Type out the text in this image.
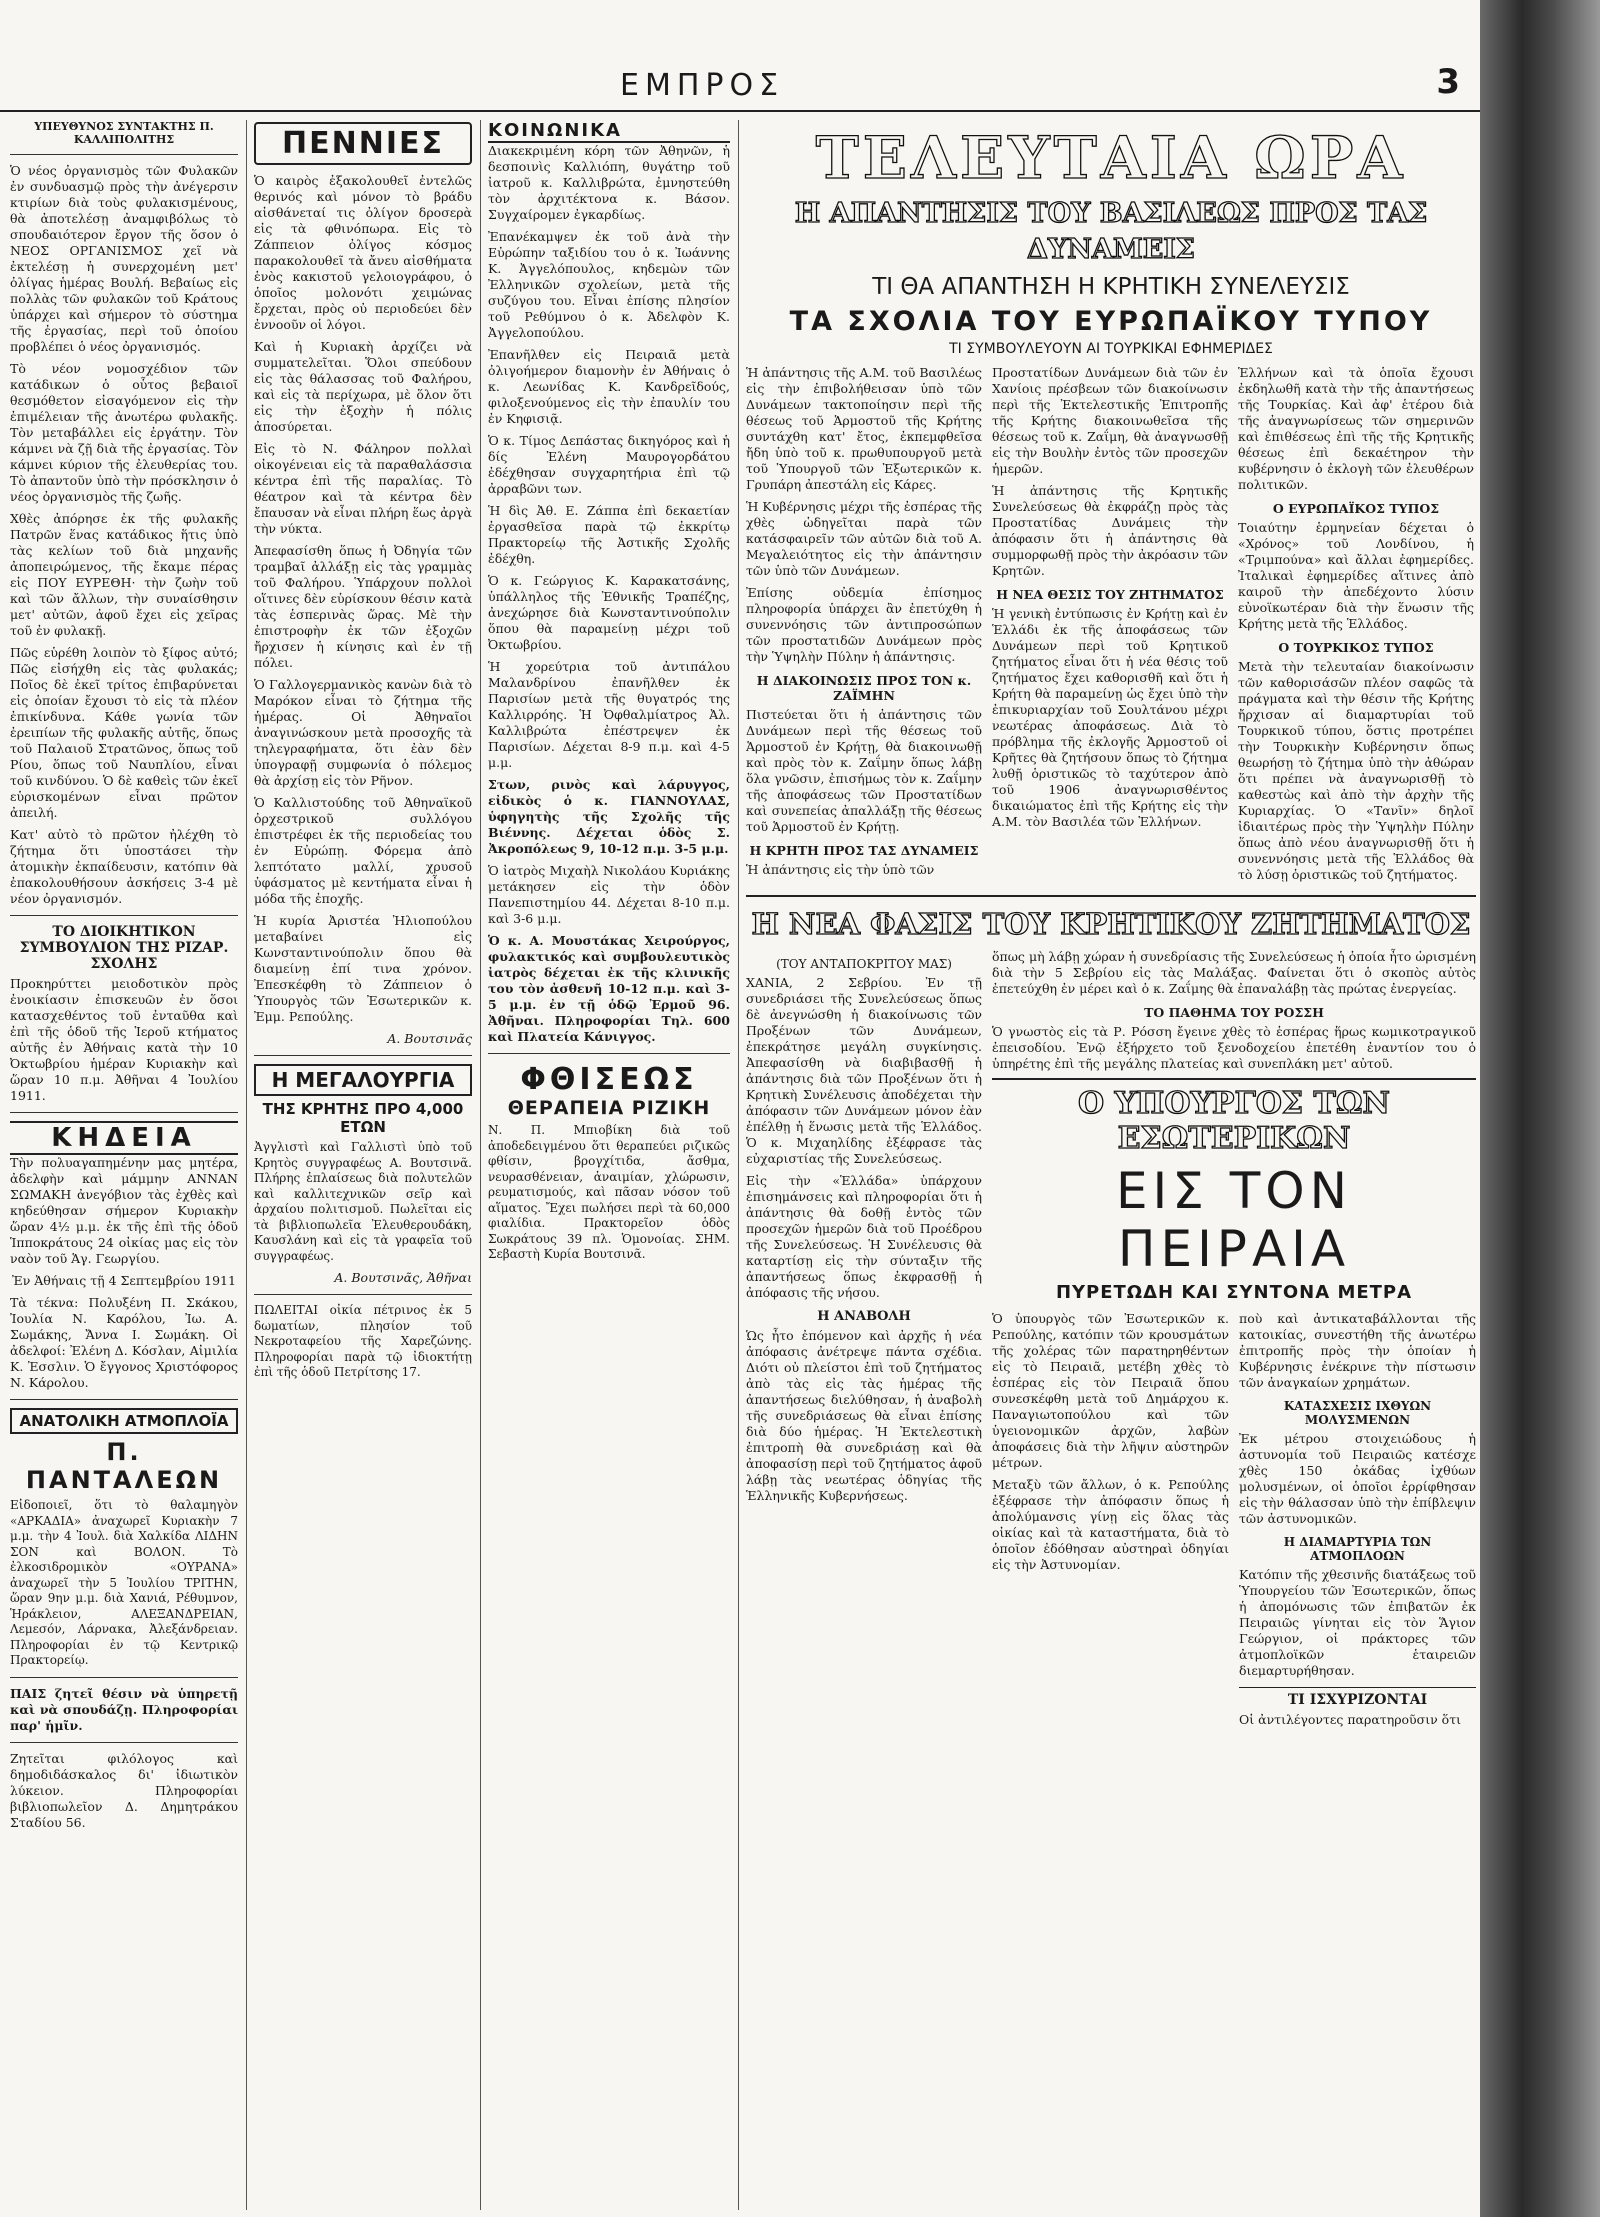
ΕΜΠΡΟΣ	3
ΥΠΕΥΘΥΝΟΣ ΣΥΝΤΑΚΤΗΣ Π. ΚΑΛΛΙΠΟΛΙΤΗΣ

Ὁ νέος ὀργανισμὸς τῶν Φυλακῶν ἐν συνδυασμῷ πρὸς τὴν ἀνέγερσιν κτιρίων διὰ τοὺς φυλακισμένους, θὰ ἀποτελέσῃ ἀναμφιβόλως τὸ σπουδαιότερον ἔργον τῆς ὅσον ὁ ΝΕΟΣ ΟΡΓΑΝΙΣΜΟΣ χεῖ νὰ ἐκτελέσῃ ἡ συνερχομένη μετ' ὀλίγας ἡμέρας Βουλή. Βεβαίως εἰς πολλὰς τῶν φυλακῶν τοῦ Κράτους ὑπάρχει καὶ σήμερον τὸ σύστημα τῆς ἐργασίας, περὶ τοῦ ὁποίου προβλέπει ὁ νέος ὀργανισμός.

Τὸ νέον νομοσχέδιον τῶν κατάδικων ὁ οὗτος βεβαιοῖ θεσμόθετον εἰσαγόμενον εἰς τὴν ἐπιμέλειαν τῆς ἀνωτέρω φυλακῆς. Τὸν μεταβάλλει εἰς ἐργάτην. Τὸν κάμνει νὰ ζῇ διὰ τῆς ἐργασίας. Τὸν κάμνει κύριον τῆς ἐλευθερίας του. Τὸ ἀπαντοῦν ὑπὸ τὴν πρόσκλησιν ὁ νέος ὀργανισμὸς τῆς ζωῆς.

Χθὲς ἀπόρησε ἐκ τῆς φυλακῆς Πατρῶν ἕνας κατάδικος ἥτις ὑπὸ τὰς κελίων τοῦ διὰ μηχανῆς ἀποπειρώμενος, τῆς ἔκαμε πέρας εἰς ΠΟΥ ΕΥΡΕΘΗ· τὴν ζωὴν τοῦ καὶ τῶν ἄλλων, τὴν συναίσθησιν μετ' αὐτῶν, ἀφοῦ ἔχει εἰς χεῖρας τοῦ ἐν φυλακῇ.

Πῶς εὑρέθη λοιπὸν τὸ ξίφος αὐτό; Πῶς εἰσήχθη εἰς τὰς φυλακάς; Ποῖος δὲ ἐκεῖ τρίτος ἐπιβαρύνεται εἰς ὁποίαν ἔχουσι τὸ εἰς τὰ πλέον ἐπικίνδυνα. Κάθε γωνία τῶν ἐρειπίων τῆς φυλακῆς αὐτῆς, ὅπως τοῦ Παλαιοῦ Στρατῶνος, ὅπως τοῦ Ρίου, ὅπως τοῦ Ναυπλίου, εἶναι τοῦ κινδύνου. Ὁ δὲ καθεὶς τῶν ἐκεῖ εὑρισκομένων εἶναι πρῶτον ἀπειλή.

Κατ' αὐτὸ τὸ πρῶτον ἠλέχθη τὸ ζήτημα ὅτι ὑποστάσει τὴν ἀτομικὴν ἐκπαίδευσιν, κατόπιν θὰ ἐπακολουθήσουν ἀσκήσεις 3-4 μὲ νέον ὀργανισμόν.

ΤΟ ΔΙΟΙΚΗΤΙΚΟΝ ΣΥΜΒΟΥΛΙΟΝ ΤΗΣ ΡΙΖΑΡ. ΣΧΟΛΗΣ

Προκηρύττει μειοδοτικὸν πρὸς ἐνοικίασιν ἐπισκευῶν ἐν ὅσοι κατασχεθέντος τοῦ ἐνταῦθα καὶ ἐπὶ τῆς ὁδοῦ τῆς Ἱεροῦ κτήματος αὐτῆς ἐν Ἀθήναις κατὰ τὴν 10 Ὀκτωβρίου ἡμέραν Κυριακὴν καὶ ὥραν 10 π.μ. Ἀθῆναι 4 Ἰουλίου 1911.

ΚΗΔΕΙΑ

Τὴν πολυαγαπημένην μας μητέρα, ἀδελφὴν καὶ μάμμην ΑΝΝΑΝ ΣΩΜΑΚΗ ἀνεγόβιον τὰς ἐχθὲς καὶ κηδεύθησαν σήμερον Κυριακὴν ὥραν 4½ μ.μ. ἐκ τῆς ἐπὶ τῆς ὁδοῦ Ἱπποκράτους 24 οἰκίας μας εἰς τὸν ναὸν τοῦ Ἁγ. Γεωργίου.

Ἐν Ἀθήναις τῇ 4 Σεπτεμβρίου 1911

Τὰ τέκνα: Πολυξένη Π. Σκάκου, Ἰουλία Ν. Καρόλου, Ἰω. Α. Σωμάκης, Ἄννα Ι. Σωμάκη. Οἱ ἀδελφοί: Ἐλένη Δ. Κόσλαν, Αἰμιλία Κ. Ἐσσλιν. Ὁ ἔγγονος Χριστόφορος Ν. Κάρολου.

ΑΝΑΤΟΛΙΚΗ ΑΤΜΟΠΛΟΪΑ
Π. ΠΑΝΤΑΛΕΩΝ

Εἰδοποιεῖ, ὅτι τὸ θαλαμηγὸν «ΑΡΚΑΔΙΑ» ἀναχωρεῖ Κυριακὴν 7 μ.μ. τὴν 4 Ἰουλ. διὰ Χαλκίδα ΛΙΔΗΝ ΣΟΝ καὶ ΒΟΛΟΝ. Τὸ ἐλκοσιδρομικὸν «ΟΥΡΑΝΑ» ἀναχωρεῖ τὴν 5 Ἰουλίου ΤΡΙΤΗΝ, ὥραν 9ην μ.μ. διὰ Χανιά, Ρέθυμνον, Ἡράκλειον, ΑΛΕΞΑΝΔΡΕΙΑΝ, Λεμεσόν, Λάρνακα, Ἀλεξάνδρειαν. Πληροφορίαι ἐν τῷ Κεντρικῷ Πρακτορείῳ.

ΠΑΙΣ ζητεῖ θέσιν νὰ ὑπηρετῇ καὶ νὰ σπουδάζῃ. Πληροφορίαι παρ' ἡμῖν.

Ζητεῖται φιλόλογος καὶ δημοδιδάσκαλος δι' ἰδιωτικὸν λύκειον. Πληροφορίαι βιβλιοπωλεῖον Δ. Δημητράκου Σταδίου 56.

ΠΕΝΝΙΕΣ

Ὁ καιρὸς ἐξακολουθεῖ ἐντελῶς θερινός καὶ μόνον τὸ βράδυ αἰσθάνεταί τις ὀλίγον δροσερὰ εἰς τὰ φθινόπωρα. Εἰς τὸ Ζάππειον ὀλίγος κόσμος παρακολουθεῖ τὰ ἄνευ αἰσθήματα ἑνὸς κακιστοῦ γελοιογράφου, ὁ ὁποῖος μολονότι χειμώνας ἔρχεται, πρὸς οὐ περιοδεύει δὲν ἐννοοῦν οἱ λόγοι.

Καὶ ἡ Κυριακὴ ἀρχίζει νὰ συμματελεῖται. Ὅλοι σπεύδουν εἰς τὰς θάλασσας τοῦ Φαλήρου, καὶ εἰς τὰ περίχωρα, μὲ ὅλον ὅτι εἰς τὴν ἐξοχὴν ἡ πόλις ἀποσύρεται.

Εἰς τὸ Ν. Φάληρον πολλαὶ οἰκογένειαι εἰς τὰ παραθαλάσσια κέντρα ἐπὶ τῆς παραλίας. Τὸ θέατρον καὶ τὰ κέντρα δὲν ἔπαυσαν νὰ εἶναι πλήρη ἕως ἀργὰ τὴν νύκτα.

Ἀπεφασίσθη ὅπως ἡ Ὀδηγία τῶν τραμβαῖ ἀλλάξῃ εἰς τὰς γραμμὰς τοῦ Φαλήρου. Ὑπάρχουν πολλοὶ οἵτινες δὲν εὑρίσκουν θέσιν κατὰ τὰς ἑσπερινὰς ὥρας. Μὲ τὴν ἐπιστροφὴν ἐκ τῶν ἐξοχῶν ἤρχισεν ἡ κίνησις καὶ ἐν τῇ πόλει.

Ὁ Γαλλογερμανικὸς κανὼν διὰ τὸ Μαρόκον εἶναι τὸ ζήτημα τῆς ἡμέρας. Οἱ Ἀθηναῖοι ἀναγινώσκουν μετὰ προσοχῆς τὰ τηλεγραφήματα, ὅτι ἐὰν δὲν ὑπογραφῇ συμφωνία ὁ πόλεμος θὰ ἀρχίσῃ εἰς τὸν Ρῆνον.

Ὁ Καλλιστούδης τοῦ Ἀθηναϊκοῦ ὀρχεστρικοῦ συλλόγου ἐπιστρέφει ἐκ τῆς περιοδείας του ἐν Εὐρώπῃ. Φόρεμα ἀπὸ λεπτότατο μαλλί, χρυσοῦ ὑφάσματος μὲ κεντήματα εἶναι ἡ μόδα τῆς ἐποχῆς.

Ἡ κυρία Ἀριστέα Ἠλιοπούλου μεταβαίνει εἰς Κωνσταντινούπολιν ὅπου θὰ διαμείνῃ ἐπί τινα χρόνον. Ἐπεσκέφθη τὸ Ζάππειον ὁ Ὑπουργὸς τῶν Ἐσωτερικῶν κ. Ἐμμ. Ρεπούλης.

Α. Βουτσινᾶς

Η ΜΕΓΑΛΟΥΡΓΙΑ
ΤΗΣ ΚΡΗΤΗΣ ΠΡΟ 4,000 ΕΤΩΝ

Ἀγγλιστὶ καὶ Γαλλιστὶ ὑπὸ τοῦ Κρητὸς συγγραφέως Α. Βουτσινᾶ. Πλήρης ἐπλαίσεως διὰ πολυτελῶν καὶ καλλιτεχνικῶν σεῖρ καὶ ἀρχαίου πολιτισμοῦ. Πωλεῖται εἰς τὰ βιβλιοπωλεῖα Ἐλευθερουδάκη, Καυσλάνη καὶ εἰς τὰ γραφεῖα τοῦ συγγραφέως.

Α. Βουτσινᾶς, Ἀθῆναι

ΠΩΛΕΙΤΑΙ οἰκία πέτρινος ἐκ 5 δωματίων, πλησίον τοῦ Νεκροταφείου τῆς Χαρεζώνης. Πληροφορίαι παρὰ τῷ ἰδιοκτήτῃ ἐπὶ τῆς ὁδοῦ Πετρίτσης 17.

ΚΟΙΝΩΝΙΚΑ

Διακεκριμένη κόρη τῶν Ἀθηνῶν, ἡ δεσποινὶς Καλλιόπη, θυγάτηρ τοῦ ἰατροῦ κ. Καλλιβρώτα, ἐμνηστεύθη τὸν ἀρχιτέκτονα κ. Βάσον. Συγχαίρομεν ἐγκαρδίως.

Ἐπανέκαμψεν ἐκ τοῦ ἀνὰ τὴν Εὐρώπην ταξιδίου του ὁ κ. Ἰωάννης Κ. Ἀγγελόπουλος, κηδεμὼν τῶν Ἐλληνικῶν σχολείων, μετὰ τῆς συζύγου του. Εἶναι ἐπίσης πλησίον τοῦ Ρεθύμνου ὁ κ. Ἀδελφὸν Κ. Ἀγγελοπούλου.

Ἐπανῆλθεν εἰς Πειραιᾶ μετὰ ὀλιγοήμερον διαμονὴν ἐν Ἀθήναις ὁ κ. Λεωνίδας Κ. Κανδρεῖδούς, φιλοξενούμενος εἰς τὴν ἐπαυλίν του ἐν Κηφισιᾷ.

Ὁ κ. Τίμος Δεπάστας δικηγόρος καὶ ἡ δίς Ἑλένη Μαυρογορδάτου ἐδέχθησαν συγχαρητήρια ἐπὶ τῷ ἀρραβῶνι των.

Ἡ δὶς Ἀθ. Ε. Ζάππα ἐπὶ δεκαετίαν ἐργασθεῖσα παρὰ τῷ ἐκκρίτῳ Πρακτορείῳ τῆς Ἀστικῆς Σχολῆς ἐδέχθη.

Ὁ κ. Γεώργιος Κ. Καρακατσάνης, ὑπάλληλος τῆς Ἐθνικῆς Τραπέζης, ἀνεχώρησε διὰ Κωνσταντινούπολιν ὅπου θὰ παραμείνῃ μέχρι τοῦ Ὀκτωβρίου.

Ἡ χορεύτρια τοῦ ἀντιπάλου Μαλανδρίνου ἐπανῆλθεν ἐκ Παρισίων μετὰ τῆς θυγατρός της Καλλιρρόης. Ἡ Ὀφθαλμίατρος Ἀλ. Καλλιβρώτα ἐπέστρεψεν ἐκ Παρισίων. Δέχεται 8-9 π.μ. καὶ 4-5 μ.μ.

Στων, ρινὸς καὶ λάρυγγος, εἰδικὸς ὁ κ. ΓΙΑΝΝΟΥΛΑΣ, ὑφηγητὴς τῆς Σχολῆς τῆς Βιέννης. Δέχεται ὁδὸς Σ. Ἀκροπόλεως 9, 10-12 π.μ. 3-5 μ.μ.

Ὁ ἰατρὸς Μιχαὴλ Νικολάου Κυριάκης μετάκησεν εἰς τὴν ὁδὸν Πανεπιστημίου 44. Δέχεται 8-10 π.μ. καὶ 3-6 μ.μ.

Ὁ κ. Α. Μουστάκας Χειρούργος, φυλακτικός καὶ συμβουλευτικὸς ἰατρὸς δέχεται ἐκ τῆς κλινικῆς του τὸν ἀσθενῆ 10-12 π.μ. καὶ 3-5 μ.μ. ἐν τῇ ὁδῷ Ἐρμοῦ 96. Ἀθῆναι. Πληροφορίαι Τηλ. 600 καὶ Πλατεία Κάνιγγος.

ΦΘΙΣΕΩΣ
ΘΕΡΑΠΕΙΑ ΡΙΖΙΚΗ

Ν. Π. Μπιοβίκη διὰ τοῦ ἀποδεδειγμένου ὅτι θεραπεύει ριζικῶς φθίσιν, βρογχίτιδα, ἄσθμα, νευρασθένειαν, ἀναιμίαν, χλώρωσιν, ρευματισμούς, καὶ πᾶσαν νόσον τοῦ αἵματος. Ἔχει πωλήσει περὶ τὰ 60,000 φιαλίδια. Πρακτορεῖον ὁδὸς Σωκράτους 39 πλ. Ὁμονοίας. ΣΗΜ. Σεβαστὴ Κυρία Βουτσινᾶ.

ΤΕΛΕΥΤΑΙΑ ΩΡΑ
Η ΑΠΑΝΤΗΣΙΣ ΤΟΥ ΒΑΣΙΛΕΩΣ ΠΡΟΣ ΤΑΣ ΔΥΝΑΜΕΙΣ
ΤΙ ΘΑ ΑΠΑΝΤΗΣΗ Η ΚΡΗΤΙΚΗ ΣΥΝΕΛΕΥΣΙΣ
ΤΑ ΣΧΟΛΙΑ ΤΟΥ ΕΥΡΩΠΑΪΚΟΥ ΤΥΠΟΥ
ΤΙ ΣΥΜΒΟΥΛΕΥΟΥΝ ΑΙ ΤΟΥΡΚΙΚΑΙ ΕΦΗΜΕΡΙΔΕΣ

Ἡ ἀπάντησις τῆς Α.Μ. τοῦ Βασιλέως εἰς τὴν ἐπιβολήθεισαν ὑπὸ τῶν Δυνάμεων τακτοποίησιν περὶ τῆς θέσεως τοῦ Ἁρμοστοῦ τῆς Κρήτης συντάχθη κατ' ἔτος, ἐκπεμφθεῖσα ἤδη ὑπὸ τοῦ κ. πρωθυπουργοῦ μετὰ τοῦ Ὑπουργοῦ τῶν Ἐξωτερικῶν κ. Γρυπάρη ἀπεστάλη εἰς Κάρες.

Ἡ Κυβέρνησις μέχρι τῆς ἐσπέρας τῆς χθὲς ὡδηγεῖται παρὰ τῶν κατάσφαιρεῖν τῶν αὐτῶν διὰ τοῦ Α. Μεγαλειότητος εἰς τὴν ἀπάντησιν τῶν ὑπὸ τῶν Δυνάμεων.

Ἐπίσης οὐδεμία ἐπίσημος πληροφορία ὑπάρχει ἂν ἐπετύχθη ἡ συνεννόησις τῶν ἀντιπροσώπων τῶν προστατιδῶν Δυνάμεων πρὸς τὴν Ὑψηλὴν Πύλην ἡ ἀπάντησις.

Η ΔΙΑΚΟΙΝΩΣΙΣ ΠΡΟΣ ΤΟΝ κ. ΖΑΪΜΗΝ

Πιστεύεται ὅτι ἡ ἀπάντησις τῶν Δυνάμεων περὶ τῆς θέσεως τοῦ Ἁρμοστοῦ ἐν Κρήτῃ, θὰ διακοινωθῇ καὶ πρὸς τὸν κ. Ζαΐμην ὅπως λάβῃ ὅλα γνῶσιν, ἐπισήμως τὸν κ. Ζαΐμην τῆς ἀποφάσεως τῶν Προστατίδων καὶ συνεπείας ἀπαλλάξῃ τῆς θέσεως τοῦ Ἁρμοστοῦ ἐν Κρήτῃ.

Η ΚΡΗΤΗ ΠΡΟΣ ΤΑΣ ΔΥΝΑΜΕΙΣ

Ἡ ἀπάντησις εἰς τὴν ὑπὸ τῶν

Προστατίδων Δυνάμεων διὰ τῶν ἐν Χανίοις πρέσβεων τῶν διακοίνωσιν περὶ τῆς Ἐκτελεστικῆς Ἐπιτροπῆς τῆς Κρήτης διακοινωθεῖσα τῆς θέσεως τοῦ κ. Ζαΐμη, θὰ ἀναγνωσθῇ εἰς τὴν Βουλὴν ἐντὸς τῶν προσεχῶν ἡμερῶν.

Ἡ ἀπάντησις τῆς Κρητικῆς Συνελεύσεως θὰ ἐκφράζῃ πρὸς τὰς Προστατίδας Δυνάμεις τὴν ἀπόφασιν ὅτι ἡ ἀπάντησις θὰ συμμορφωθῇ πρὸς τὴν ἀκρόασιν τῶν Κρητῶν.

Η ΝΕΑ ΘΕΣΙΣ ΤΟΥ ΖΗΤΗΜΑΤΟΣ

Ἡ γενικὴ ἐντύπωσις ἐν Κρήτῃ καὶ ἐν Ἑλλάδι ἐκ τῆς ἀποφάσεως τῶν Δυνάμεων περὶ τοῦ Κρητικοῦ ζητήματος εἶναι ὅτι ἡ νέα θέσις τοῦ ζητήματος ἔχει καθορισθῆ καὶ ὅτι ἡ Κρήτη θὰ παραμείνῃ ὡς ἔχει ὑπὸ τὴν ἐπικυριαρχίαν τοῦ Σουλτάνου μέχρι νεωτέρας ἀποφάσεως. Διὰ τὸ πρόβλημα τῆς ἐκλογῆς Ἁρμοστοῦ οἱ Κρῆτες θὰ ζητήσουν ὅπως τὸ ζήτημα λυθῇ ὁριστικῶς τὸ ταχύτερον ἀπὸ τοῦ 1906 ἀναγνωρισθέντος δικαιώματος ἐπὶ τῆς Κρήτης εἰς τὴν Α.Μ. τὸν Βασιλέα τῶν Ἑλλήνων.

Ἑλλήνων καὶ τὰ ὁποῖα ἔχουσι ἐκδηλωθῆ κατὰ τὴν τῆς ἀπαντήσεως τῆς Τουρκίας. Καὶ ἀφ' ἑτέρου διὰ τῆς ἀναγνωρίσεως τῶν σημερινῶν καὶ ἐπιθέσεως ἐπὶ τῆς τῆς Κρητικῆς θέσεως ἐπὶ δεκαέτηρον τὴν κυβέρνησιν ὁ ἐκλογὴ τῶν ἐλευθέρων πολιτικῶν.

Ο ΕΥΡΩΠΑΪΚΟΣ ΤΥΠΟΣ

Τοιαύτην ἑρμηνείαν δέχεται ὁ «Χρόνος» τοῦ Λονδίνου, ἡ «Τριμπούνα» καὶ ἄλλαι ἐφημερίδες. Ἰταλικαὶ ἐφημερίδες αἵτινες ἀπὸ καιροῦ τὴν ἀπεδέχοντο λύσιν εὐνοϊκωτέραν διὰ τὴν ἕνωσιν τῆς Κρήτης μετὰ τῆς Ἑλλάδος.

Ο ΤΟΥΡΚΙΚΟΣ ΤΥΠΟΣ

Μετὰ τὴν τελευταίαν διακοίνωσιν τῶν καθορισάσῶν πλέον σαφῶς τὰ πράγματα καὶ τὴν θέσιν τῆς Κρήτης ἤρχισαν αἱ διαμαρτυρίαι τοῦ Τουρκικοῦ τύπου, ὅστις προτρέπει τὴν Τουρκικὴν Κυβέρνησιν ὅπως θεωρήσῃ τὸ ζήτημα ὑπὸ τὴν ἀθώραν ὅτι πρέπει νὰ ἀναγνωρισθῇ τὸ καθεστὼς καὶ ἀπὸ τὴν ἀρχὴν τῆς Κυριαρχίας. Ὁ «Τανῖν» δηλοῖ ἰδιαιτέρως πρὸς τὴν Ὑψηλὴν Πύλην ὅπως ἀπὸ νέου ἀναγνωρισθῇ ὅτι ἡ συνεννόησις μετὰ τῆς Ἑλλάδος θὰ τὸ λύσῃ ὁριστικῶς τοῦ ζητήματος.

Η ΝΕΑ ΦΑΣΙΣ ΤΟΥ ΚΡΗΤΙΚΟΥ ΖΗΤΗΜΑΤΟΣ
(ΤΟΥ ΑΝΤΑΠΟΚΡΙΤΟΥ ΜΑΣ)

ΧΑΝΙΑ, 2 Σεβρίου. Ἐν τῇ συνεδριάσει τῆς Συνελεύσεως ὅπως δὲ ἀνεγνώσθη ἡ διακοίνωσις τῶν Προξένων τῶν Δυνάμεων, ἐπεκράτησε μεγάλη συγκίνησις. Ἀπεφασίσθη νὰ διαβιβασθῇ ἡ ἀπάντησις διὰ τῶν Προξένων ὅτι ἡ Κρητικὴ Συνέλευσις ἀποδέχεται τὴν ἀπόφασιν τῶν Δυνάμεων μόνον ἐὰν ἐπέλθῃ ἡ ἕνωσις μετὰ τῆς Ἑλλάδος. Ὁ κ. Μιχαηλίδης ἐξέφρασε τὰς εὐχαριστίας τῆς Συνελεύσεως.

Εἰς τὴν «Ἑλλάδα» ὑπάρχουν ἐπισημάνσεις καὶ πληροφορίαι ὅτι ἡ ἀπάντησις θὰ δοθῇ ἐντὸς τῶν προσεχῶν ἡμερῶν διὰ τοῦ Προέδρου τῆς Συνελεύσεως. Ἡ Συνέλευσις θὰ καταρτίσῃ εἰς τὴν σύνταξιν τῆς ἀπαντήσεως ὅπως ἐκφρασθῇ ἡ ἀπόφασις τῆς νήσου.

Η ΑΝΑΒΟΛΗ

Ὡς ἦτο ἐπόμενον καὶ ἀρχῆς ἡ νέα ἀπόφασις ἀνέτρεψε πάντα σχέδια. Διότι οὐ πλείστοι ἐπὶ τοῦ ζητήματος ἀπὸ τὰς εἰς τὰς ἡμέρας τῆς ἀπαντήσεως διελύθησαν, ἡ ἀναβολὴ τῆς συνεδριάσεως θὰ εἶναι ἐπίσης διὰ δύο ἡμέρας. Ἡ Ἐκτελεστικὴ ἐπιτροπὴ θὰ συνεδριάσῃ καὶ θὰ ἀποφασίσῃ περὶ τοῦ ζητήματος ἀφοῦ λάβῃ τὰς νεωτέρας ὁδηγίας τῆς Ἑλληνικῆς Κυβερνήσεως.

ὅπως μὴ λάβῃ χώραν ἡ συνεδρίασις τῆς Συνελεύσεως ἡ ὁποία ἦτο ὡρισμένη διὰ τὴν 5 Σεβρίου εἰς τὰς Μαλάξας. Φαίνεται ὅτι ὁ σκοπὸς αὐτὸς ἐπετεύχθη ἐν μέρει καὶ ὁ κ. Ζαΐμης θὰ ἐπαναλάβῃ τὰς πρώτας ἐνεργείας.

ΤΟ ΠΑΘΗΜΑ ΤΟΥ ΡΟΣΣΗ

Ὁ γνωστὸς εἰς τὰ Ρ. Ρόσση ἔγεινε χθὲς τὸ ἑσπέρας ἥρως κωμικοτραγικοῦ ἐπεισοδίου. Ἐνῷ ἐξήρχετο τοῦ ξενοδοχείου ἐπετέθη ἐναντίον του ὁ ὑπηρέτης ἐπὶ τῆς μεγάλης πλατείας καὶ συνεπλάκη μετ' αὐτοῦ.

Ο ΥΠΟΥΡΓΟΣ ΤΩΝ ΕΣΩΤΕΡΙΚΩΝ
ΕΙΣ ΤΟΝ ΠΕΙΡΑΙΑ
ΠΥΡΕΤΩΔΗ ΚΑΙ ΣΥΝΤΟΝΑ ΜΕΤΡΑ

Ὁ ὑπουργὸς τῶν Ἐσωτερικῶν κ. Ρεπούλης, κατόπιν τῶν κρουσμάτων τῆς χολέρας τῶν παρατηρηθέντων εἰς τὸ Πειραιᾶ, μετέβη χθὲς τὸ ἑσπέρας εἰς τὸν Πειραιᾶ ὅπου συνεσκέφθη μετὰ τοῦ Δημάρχου κ. Παναγιωτοπούλου καὶ τῶν ὑγειονομικῶν ἀρχῶν, λαβὼν ἀποφάσεις διὰ τὴν λῆψιν αὐστηρῶν μέτρων.

Μεταξὺ τῶν ἄλλων, ὁ κ. Ρεπούλης ἐξέφρασε τὴν ἀπόφασιν ὅπως ἡ ἀπολύμανσις γίνῃ εἰς ὅλας τὰς οἰκίας καὶ τὰ καταστήματα, διὰ τὸ ὁποῖον ἐδόθησαν αὐστηραὶ ὁδηγίαι εἰς τὴν Ἀστυνομίαν.

ποὺ καὶ ἀντικαταβάλλονται τῆς κατοικίας, συνεστήθη τῆς ἀνωτέρω ἐπιτροπῆς πρὸς τὴν ὁποίαν ἡ Κυβέρνησις ἐνέκρινε τὴν πίστωσιν τῶν ἀναγκαίων χρημάτων.

ΚΑΤΑΣΧΕΣΙΣ ΙΧΘΥΩΝ ΜΟΛΥΣΜΕΝΩΝ

Ἐκ μέτρου στοιχειώδους ἡ ἀστυνομία τοῦ Πειραιῶς κατέσχε χθὲς 150 ὀκάδας ἰχθύων μολυσμένων, οἱ ὁποῖοι ἐρρίφθησαν εἰς τὴν θάλασσαν ὑπὸ τὴν ἐπίβλεψιν τῶν ἀστυνομικῶν.

Η ΔΙΑΜΑΡΤΥΡΙΑ ΤΩΝ ΑΤΜΟΠΛΟΩΝ

Κατόπιν τῆς χθεσινῆς διατάξεως τοῦ Ὑπουργείου τῶν Ἐσωτερικῶν, ὅπως ἡ ἀπομόνωσις τῶν ἐπιβατῶν ἐκ Πειραιῶς γίνηται εἰς τὸν Ἅγιον Γεώργιον, οἱ πράκτορες τῶν ἀτμοπλοϊκῶν ἑταιρειῶν διεμαρτυρήθησαν.

ΤΙ ΙΣΧΥΡΙΖΟΝΤΑΙ

Οἱ ἀντιλέγοντες παρατηροῦσιν ὅτι
